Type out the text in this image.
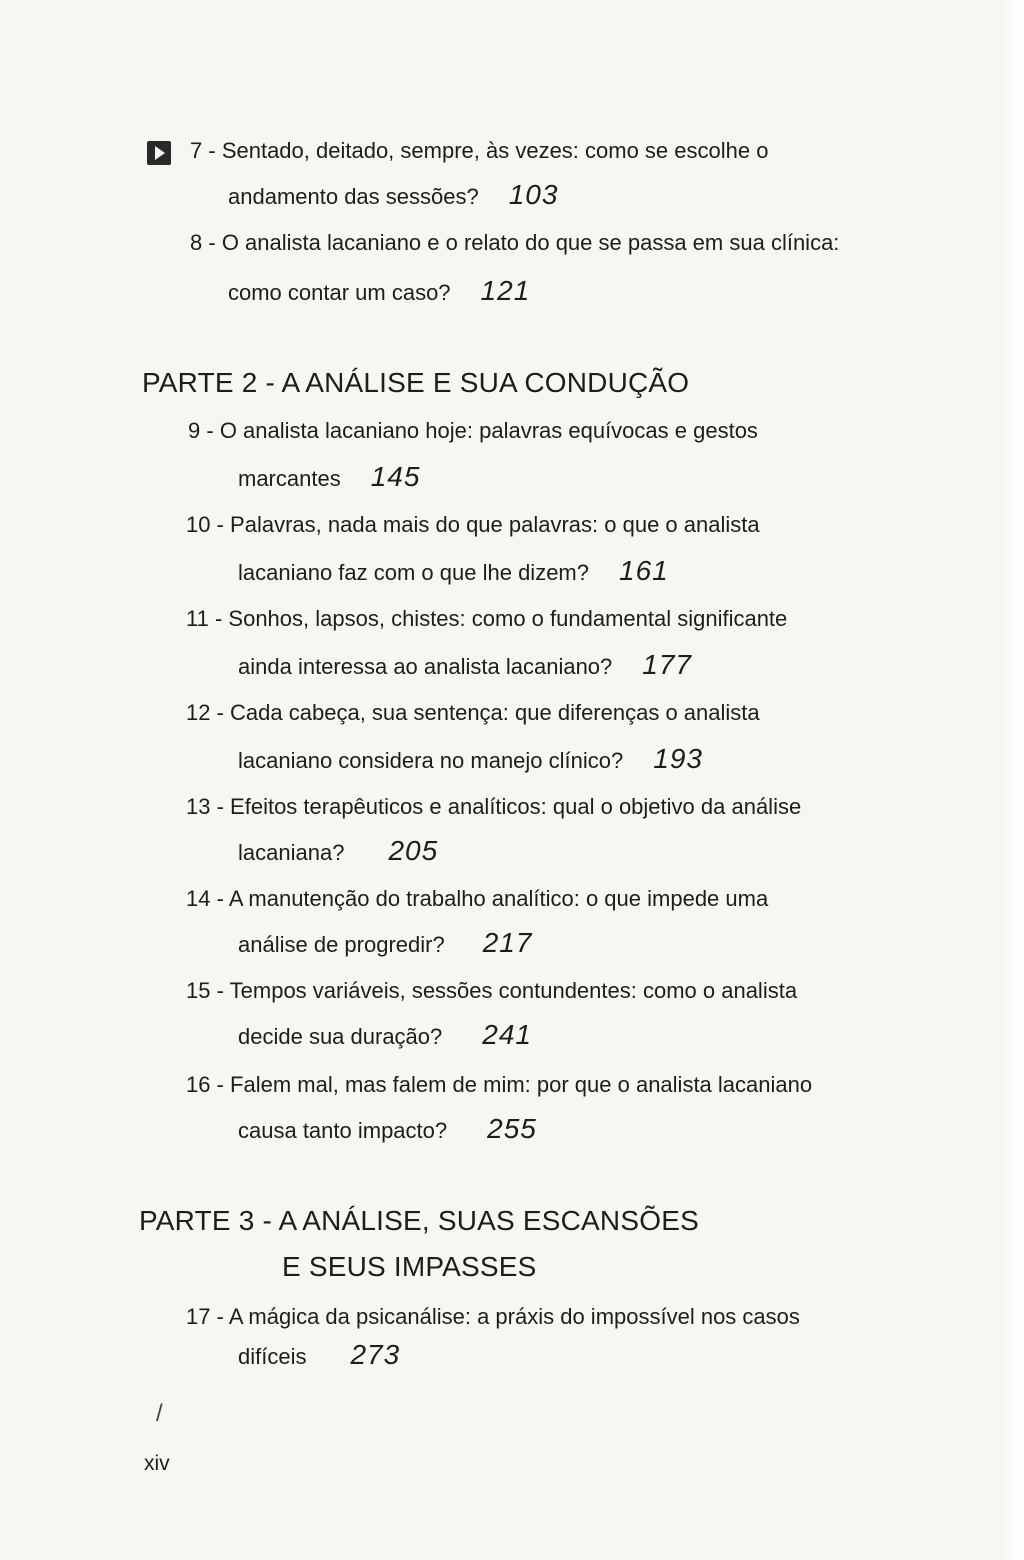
7 - Sentado, deitado, sempre, às vezes: como se escolhe o
andamento das sessões? 103
8 - O analista lacaniano e o relato do que se passa em sua clínica:
como contar um caso? 121
PARTE 2 - A ANÁLISE E SUA CONDUÇÃO
9 - O analista lacaniano hoje: palavras equívocas e gestos
marcantes 145
10 - Palavras, nada mais do que palavras: o que o analista
lacaniano faz com o que lhe dizem? 161
11 - Sonhos, lapsos, chistes: como o fundamental significante
ainda interessa ao analista lacaniano? 177
12 - Cada cabeça, sua sentença: que diferenças o analista
lacaniano considera no manejo clínico? 193
13 - Efeitos terapêuticos e analíticos: qual o objetivo da análise
lacaniana? 205
14 - A manutenção do trabalho analítico: o que impede uma
análise de progredir? 217
15 - Tempos variáveis, sessões contundentes: como o analista
decide sua duração? 241
16 - Falem mal, mas falem de mim: por que o analista lacaniano
causa tanto impacto? 255
PARTE 3 - A ANÁLISE, SUAS ESCANSÕES
E SEUS IMPASSES
17 - A mágica da psicanálise: a práxis do impossível nos casos
difíceis 273
/
xiv
